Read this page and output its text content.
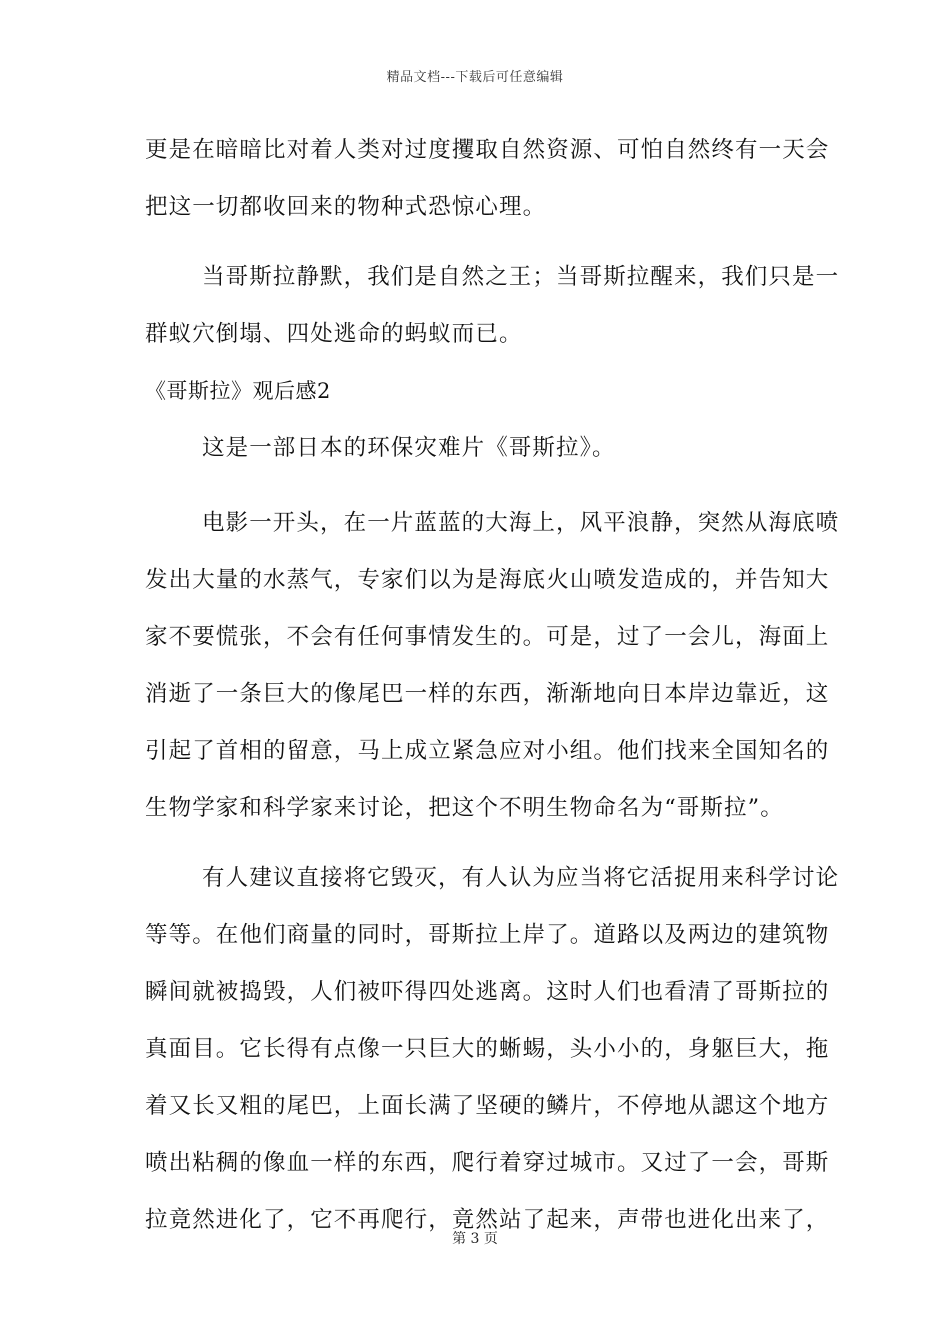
精品文档---下载后可任意编辑
更是在暗暗比对着人类对过度攫取自然资源、可怕自然终有一天会
把这一切都收回来的物种式恐惊心理。
当哥斯拉静默，我们是自然之王；当哥斯拉醒来，我们只是一
群蚁穴倒塌、四处逃命的蚂蚁而已。
《哥斯拉》观后感2
这是一部日本的环保灾难片《哥斯拉》。
电影一开头，在一片蓝蓝的大海上，风平浪静，突然从海底喷
发出大量的水蒸气，专家们以为是海底火山喷发造成的，并告知大
家不要慌张，不会有任何事情发生的。可是，过了一会儿，海面上
消逝了一条巨大的像尾巴一样的东西，渐渐地向日本岸边靠近，这
引起了首相的留意，马上成立紧急应对小组。他们找来全国知名的
生物学家和科学家来讨论，把这个不明生物命名为“哥斯拉”。
有人建议直接将它毁灭，有人认为应当将它活捉用来科学讨论
等等。在他们商量的同时，哥斯拉上岸了。道路以及两边的建筑物
瞬间就被捣毁，人们被吓得四处逃离。这时人们也看清了哥斯拉的
真面目。它长得有点像一只巨大的蜥蜴，头小小的，身躯巨大，拖
着又长又粗的尾巴，上面长满了坚硬的鳞片，不停地从諰这个地方
喷出粘稠的像血一样的东西，爬行着穿过城市。又过了一会，哥斯
拉竟然进化了，它不再爬行，竟然站了起来，声带也进化出来了，
第 3 页
